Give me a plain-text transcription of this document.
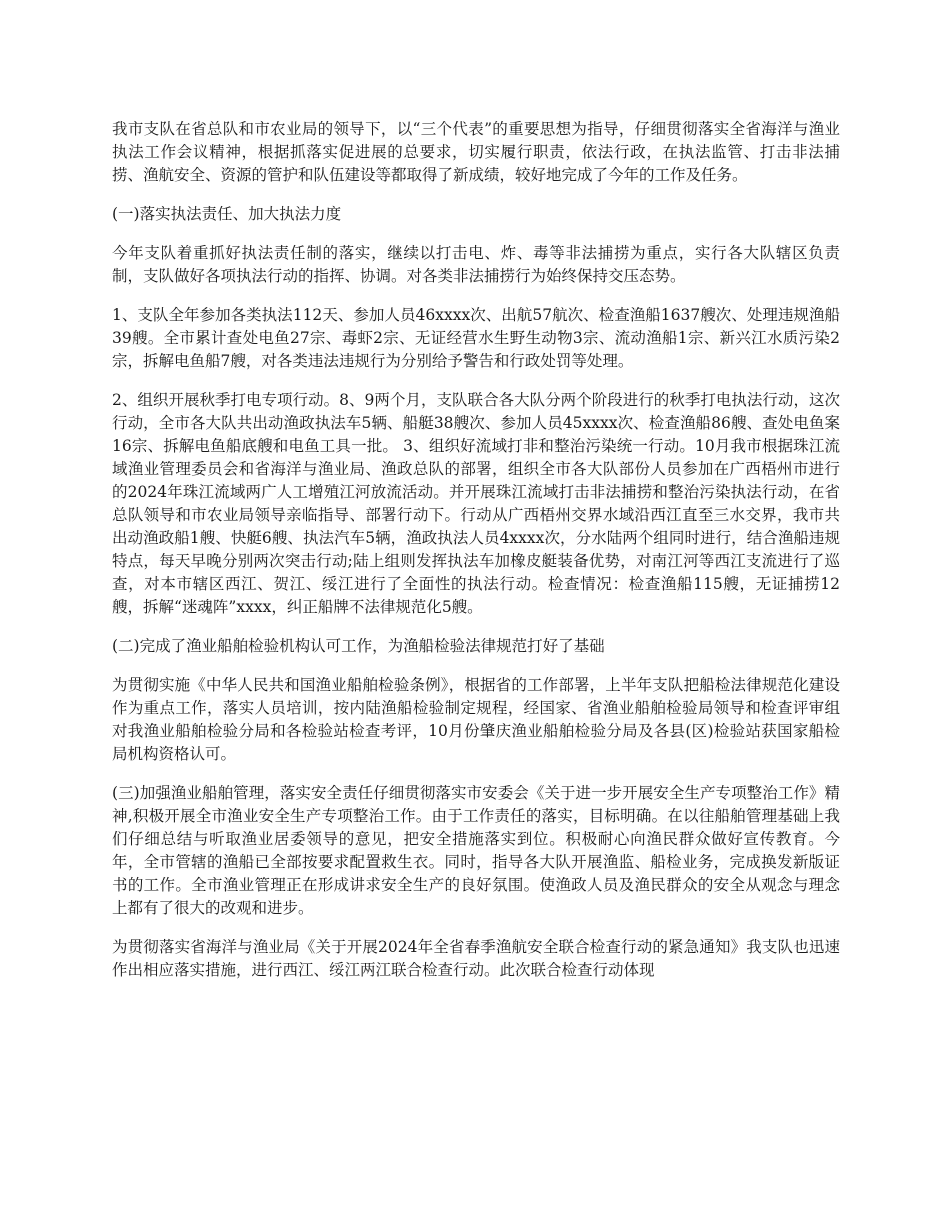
我市支队在省总队和市农业局的领导下，以“三个代表”的重要思想为指导，仔细贯彻落实全省海洋与渔业执法工作会议精神，根据抓落实促进展的总要求，切实履行职责，依法行政，在执法监管、打击非法捕捞、渔航安全、资源的管护和队伍建设等都取得了新成绩，较好地完成了今年的工作及任务。

(一)落实执法责任、加大执法力度

今年支队着重抓好执法责任制的落实，继续以打击电、炸、毒等非法捕捞为重点，实行各大队辖区负责制，支队做好各项执法行动的指挥、协调。对各类非法捕捞行为始终保持交压态势。

1、支队全年参加各类执法112天、参加人员46xxxx次、出航57航次、检查渔船1637艘次、处理违规渔船39艘。全市累计查处电鱼27宗、毒虾2宗、无证经营水生野生动物3宗、流动渔船1宗、新兴江水质污染2宗，拆解电鱼船7艘，对各类违法违规行为分别给予警告和行政处罚等处理。

2、组织开展秋季打电专项行动。8、9两个月，支队联合各大队分两个阶段进行的秋季打电执法行动，这次行动，全市各大队共出动渔政执法车5辆、船艇38艘次、参加人员45xxxx次、检查渔船86艘、查处电鱼案16宗、拆解电鱼船底艘和电鱼工具一批。 3、组织好流域打非和整治污染统一行动。10月我市根据珠江流域渔业管理委员会和省海洋与渔业局、渔政总队的部署，组织全市各大队部份人员参加在广西梧州市进行的2024年珠江流域两广人工增殖江河放流活动。并开展珠江流域打击非法捕捞和整治污染执法行动，在省总队领导和市农业局领导亲临指导、部署行动下。行动从广西梧州交界水域沿西江直至三水交界，我市共出动渔政船1艘、快艇6艘、执法汽车5辆，渔政执法人员4xxxx次，分水陆两个组同时进行，结合渔船违规特点，每天早晚分别两次突击行动;陆上组则发挥执法车加橡皮艇装备优势，对南江河等西江支流进行了巡查，对本市辖区西江、贺江、绥江进行了全面性的执法行动。检查情况：检查渔船115艘，无证捕捞12艘，拆解“迷魂阵”xxxx，纠正船牌不法律规范化5艘。

(二)完成了渔业船舶检验机构认可工作，为渔船检验法律规范打好了基础

为贯彻实施《中华人民共和国渔业船舶检验条例》，根据省的工作部署，上半年支队把船检法律规范化建设作为重点工作，落实人员培训，按内陆渔船检验制定规程，经国家、省渔业船舶检验局领导和检查评审组对我渔业船舶检验分局和各检验站检查考评，10月份肇庆渔业船舶检验分局及各县(区)检验站获国家船检局机构资格认可。

(三)加强渔业船舶管理，落实安全责任仔细贯彻落实市安委会《关于进一步开展安全生产专项整治工作》精神,积极开展全市渔业安全生产专项整治工作。由于工作责任的落实，目标明确。在以往船舶管理基础上我们仔细总结与听取渔业居委领导的意见，把安全措施落实到位。积极耐心向渔民群众做好宣传教育。今年，全市管辖的渔船已全部按要求配置救生衣。同时，指导各大队开展渔监、船检业务，完成换发新版证书的工作。全市渔业管理正在形成讲求安全生产的良好氛围。使渔政人员及渔民群众的安全从观念与理念上都有了很大的改观和进步。

为贯彻落实省海洋与渔业局《关于开展2024年全省春季渔航安全联合检查行动的紧急通知》我支队也迅速作出相应落实措施，进行西江、绥江两江联合检查行动。此次联合检查行动体现
